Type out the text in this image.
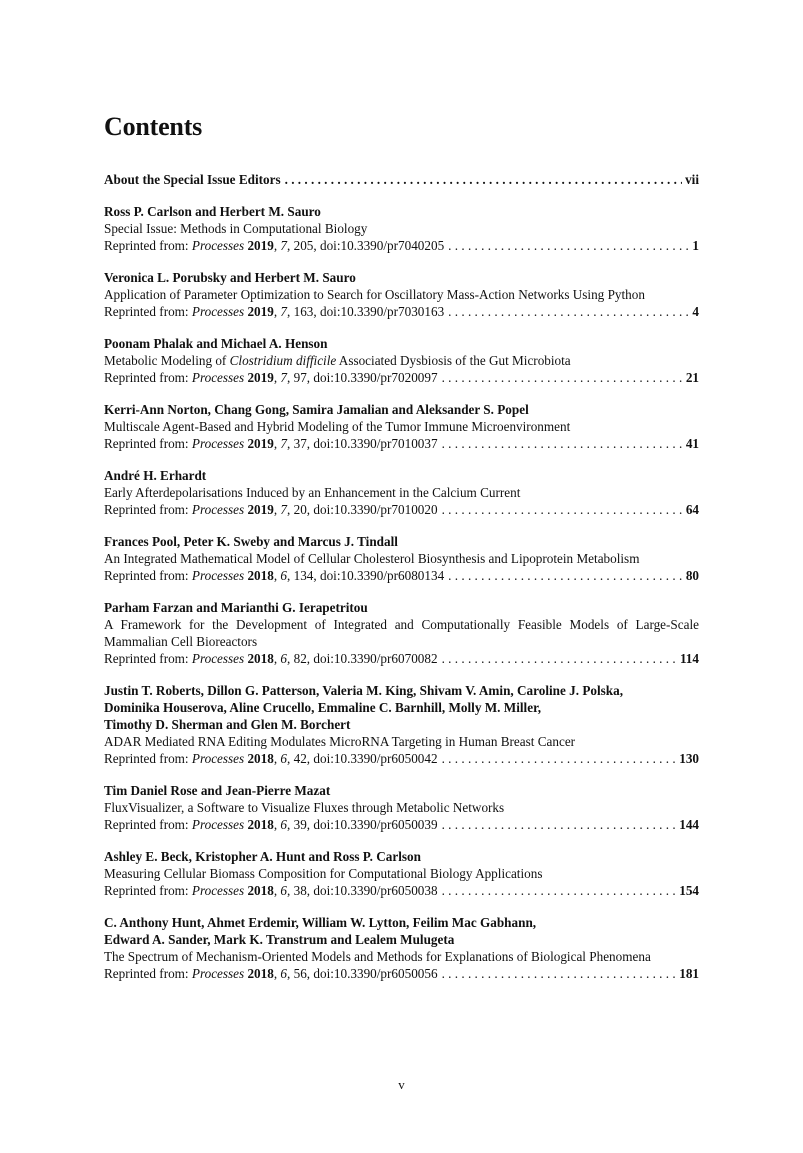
Contents
About the Special Issue Editors . . .	vii
Ross P. Carlson and Herbert M. Sauro
Special Issue: Methods in Computational Biology
Reprinted from: Processes 2019, 7, 205, doi:10.3390/pr7040205 . . .	1
Veronica L. Porubsky and Herbert M. Sauro
Application of Parameter Optimization to Search for Oscillatory Mass-Action Networks Using Python
Reprinted from: Processes 2019, 7, 163, doi:10.3390/pr7030163 . . .	4
Poonam Phalak and Michael A. Henson
Metabolic Modeling of Clostridium difficile Associated Dysbiosis of the Gut Microbiota
Reprinted from: Processes 2019, 7, 97, doi:10.3390/pr7020097 . . .	21
Kerri-Ann Norton, Chang Gong, Samira Jamalian and Aleksander S. Popel
Multiscale Agent-Based and Hybrid Modeling of the Tumor Immune Microenvironment
Reprinted from: Processes 2019, 7, 37, doi:10.3390/pr7010037 . . .	41
André H. Erhardt
Early Afterdepolarisations Induced by an Enhancement in the Calcium Current
Reprinted from: Processes 2019, 7, 20, doi:10.3390/pr7010020 . . .	64
Frances Pool, Peter K. Sweby and Marcus J. Tindall
An Integrated Mathematical Model of Cellular Cholesterol Biosynthesis and Lipoprotein Metabolism
Reprinted from: Processes 2018, 6, 134, doi:10.3390/pr6080134 . . .	80
Parham Farzan and Marianthi G. Ierapetritou
A Framework for the Development of Integrated and Computationally Feasible Models of Large-Scale Mammalian Cell Bioreactors
Reprinted from: Processes 2018, 6, 82, doi:10.3390/pr6070082 . . .	114
Justin T. Roberts, Dillon G. Patterson, Valeria M. King, Shivam V. Amin, Caroline J. Polska,
Dominika Houserova, Aline Crucello, Emmaline C. Barnhill, Molly M. Miller,
Timothy D. Sherman and Glen M. Borchert
ADAR Mediated RNA Editing Modulates MicroRNA Targeting in Human Breast Cancer
Reprinted from: Processes 2018, 6, 42, doi:10.3390/pr6050042 . . .	130
Tim Daniel Rose and Jean-Pierre Mazat
FluxVisualizer, a Software to Visualize Fluxes through Metabolic Networks
Reprinted from: Processes 2018, 6, 39, doi:10.3390/pr6050039 . . .	144
Ashley E. Beck, Kristopher A. Hunt and Ross P. Carlson
Measuring Cellular Biomass Composition for Computational Biology Applications
Reprinted from: Processes 2018, 6, 38, doi:10.3390/pr6050038 . . .	154
C. Anthony Hunt, Ahmet Erdemir, William W. Lytton, Feilim Mac Gabhann,
Edward A. Sander, Mark K. Transtrum and Lealem Mulugeta
The Spectrum of Mechanism-Oriented Models and Methods for Explanations of Biological Phenomena
Reprinted from: Processes 2018, 6, 56, doi:10.3390/pr6050056 . . .	181
v
